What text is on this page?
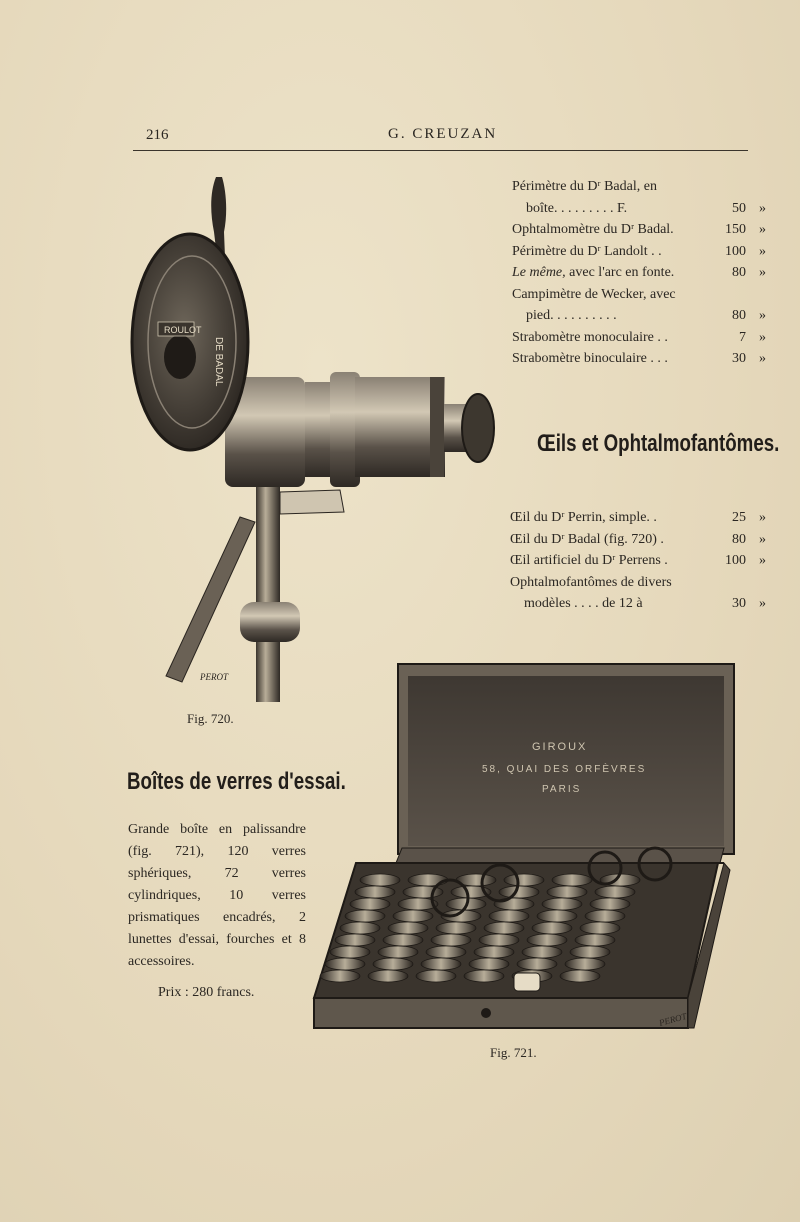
216	G. CREUZAN
Périmètre du Dʳ Badal, en
boîte. . . . . . . . . F.	50 »
Ophtalmomètre du Dʳ Badal.	150 »
Périmètre du Dʳ Landolt . .	100 »
Le même, avec l'arc en fonte.	80 »
Campimètre de Wecker, avec
pied. . . . . . . . . .	80 »
Strabomètre monoculaire . .	7 »
Strabomètre binoculaire . . .	30 »
Œils et Ophtalmofantômes.
Œil du Dʳ Perrin, simple. .	25 »
Œil du Dʳ Badal (fig. 720) .	80 »
Œil artificiel du Dʳ Perrens .	100 »
Ophtalmofantômes de divers
modèles . . . . de 12 à	30 »
ROULOT
DE BADAL
PEROT
Fig. 720.
Boîtes de verres d'essai.

Grande boîte en palissandre (fig. 721), 120 verres sphériques, 72 verres cylindriques, 10 verres prismatiques encadrés, 2 lunettes d'essai, fourches et 8 accessoires.

Prix : 280 francs.
GIROUX
58, QUAI DES ORFÈVRES
PARIS
PEROT
Fig. 721.
